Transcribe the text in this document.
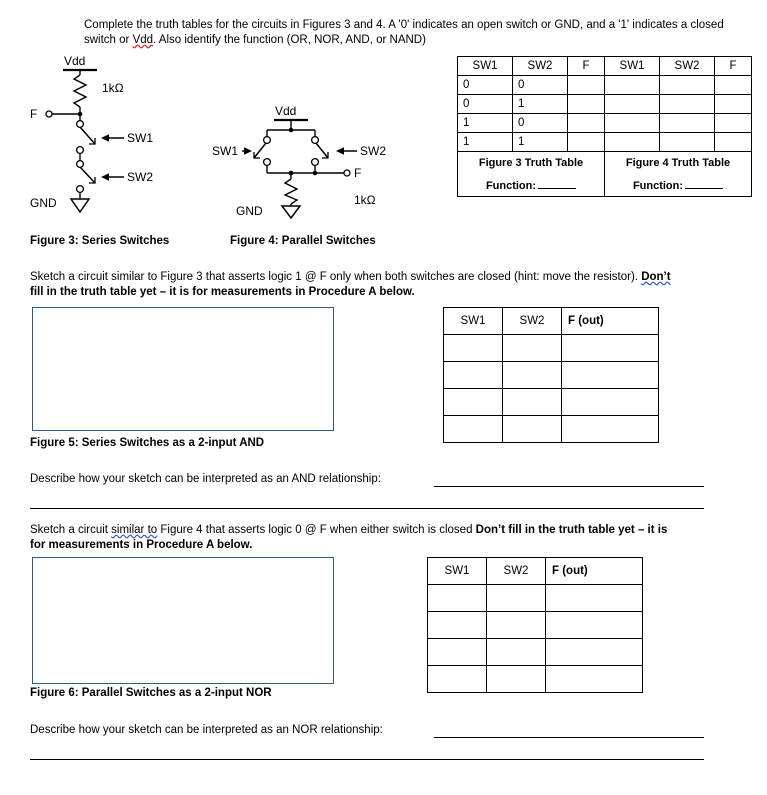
Complete the truth tables for the circuits in Figures 3 and 4. A '0' indicates an open switch or GND, and a '1' indicates a closed switch or Vdd. Also identify the function (OR, NOR, AND, or NAND)
Vdd
1kΩ
F
SW1
SW2
GND
Vdd
SW1	SW2
F
1kΩ
GND
SW1	SW2	F	SW1	SW2	F
0	0				
0	1				
1	0				
1	1				
Figure 3 Truth Table			Figure 4 Truth Table		
Function:			Function:		
Figure 3: Series Switches	Figure 4: Parallel Switches
Sketch a circuit similar to Figure 3 that asserts logic 1 @ F only when both switches are closed (hint: move the resistor). Don’t
fill in the truth table yet – it is for measurements in Procedure A below.
Figure 5: Series Switches as a 2-input AND
SW1	SW2	F (out)

Describe how your sketch can be interpreted as an AND relationship:
Sketch a circuit similar to Figure 4 that asserts logic 0 @ F when either switch is closed Don’t fill in the truth table yet – it is
for measurements in Procedure A below.
Figure 6: Parallel Switches as a 2-input NOR
SW1	SW2	F (out)

Describe how your sketch can be interpreted as an NOR relationship:
